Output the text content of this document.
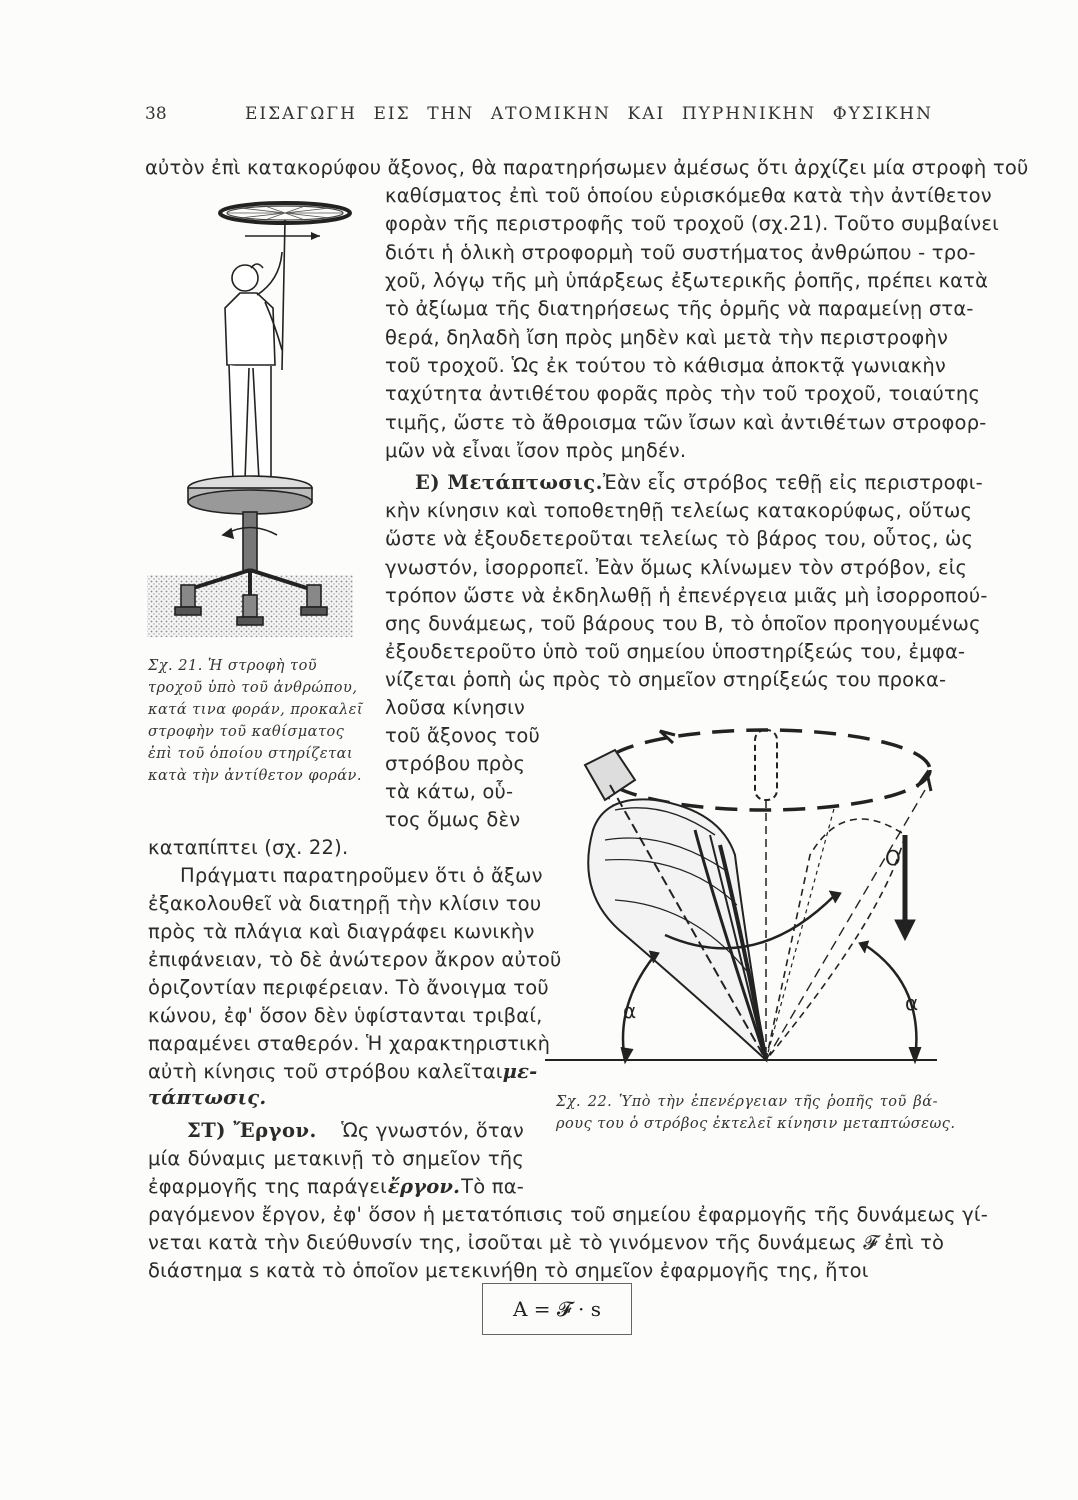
38	ΕΙΣΑΓΩΓΗ ΕΙΣ ΤΗΝ ΑΤΟΜΙΚΗΝ ΚΑΙ ΠΥΡΗΝΙΚΗΝ ΦΥΣΙΚΗΝ
αὐτὸν ἐπὶ κατακορύφου ἄξονος, θὰ παρατηρήσωμεν ἀμέσως ὅτι ἀρχίζει μία στροφὴ τοῦ
καθίσματος ἐπὶ τοῦ ὁποίου εὑρισκόμεθα κατὰ τὴν ἀντίθετον
φορὰν τῆς περιστροφῆς τοῦ τροχοῦ (σχ.21). Τοῦτο συμβαίνει
διότι ἡ ὁλικὴ στροφορμὴ τοῦ συστήματος ἀνθρώπου - τρο-
χοῦ, λόγῳ τῆς μὴ ὑπάρξεως ἐξωτερικῆς ῥοπῆς, πρέπει κατὰ
τὸ ἀξίωμα τῆς διατηρήσεως τῆς ὁρμῆς νὰ παραμείνῃ στα-
θερά, δηλαδὴ ἴση πρὸς μηδὲν καὶ μετὰ τὴν περιστροφὴν
τοῦ τροχοῦ. Ὡς ἐκ τούτου τὸ κάθισμα ἀποκτᾷ γωνιακὴν
ταχύτητα ἀντιθέτου φορᾶς πρὸς τὴν τοῦ τροχοῦ, τοιαύτης
τιμῆς, ὥστε τὸ ἄθροισμα τῶν ἴσων καὶ ἀντιθέτων στροφορ-
μῶν νὰ εἶναι ἴσον πρὸς μηδέν.
Ε) Μετάπτωσις. Ἐὰν εἷς στρόβος τεθῇ εἰς περιστροφι-
κὴν κίνησιν καὶ τοποθετηθῇ τελείως κατακορύφως, οὕτως
ὥστε νὰ ἐξουδετεροῦται τελείως τὸ βάρος του, οὗτος, ὡς
γνωστόν, ἰσορροπεῖ. Ἐὰν ὅμως κλίνωμεν τὸν στρόβον, εἰς
τρόπον ὥστε νὰ ἐκδηλωθῇ ἡ ἐπενέργεια μιᾶς μὴ ἰσορροπού-
σης δυνάμεως, τοῦ βάρους του Β, τὸ ὁποῖον προηγουμένως
ἐξουδετεροῦτο ὑπὸ τοῦ σημείου ὑποστηρίξεώς του, ἐμφα-
νίζεται ῥοπὴ ὡς πρὸς τὸ σημεῖον στηρίξεώς του προκα-
λοῦσα κίνησιν
τοῦ ἄξονος τοῦ
στρόβου πρὸς
τὰ κάτω, οὗ-
τος ὅμως δὲν
καταπίπτει (σχ. 22).
Πράγματι παρατηροῦμεν ὅτι ὁ ἄξων
ἐξακολουθεῖ νὰ διατηρῇ τὴν κλίσιν του
πρὸς τὰ πλάγια καὶ διαγράφει κωνικὴν
ἐπιφάνειαν, τὸ δὲ ἀνώτερον ἄκρον αὐτοῦ
ὁριζοντίαν περιφέρειαν. Τὸ ἄνοιγμα τοῦ
κώνου, ἐφ' ὅσον δὲν ὑφίστανται τριβαί,
παραμένει σταθερόν. Ἡ χαρακτηριστικὴ
αὐτὴ κίνησις τοῦ στρόβου καλεῖται με-
τάπτωσις.
ΣΤ) Ἔργον. Ὡς γνωστόν, ὅταν
μία δύναμις μετακινῇ τὸ σημεῖον τῆς
ἐφαρμογῆς της παράγει ἔργον. Τὸ πα-
ραγόμενον ἔργον, ἐφ' ὅσον ἡ μετατόπισις τοῦ σημείου ἐφαρμογῆς τῆς δυνάμεως γί-
νεται κατὰ τὴν διεύθυνσίν της, ἰσοῦται μὲ τὸ γινόμενον τῆς δυνάμεως 𝓕 ἐπὶ τὸ
διάστημα s κατὰ τὸ ὁποῖον μετεκινήθη τὸ σημεῖον ἐφαρμογῆς της, ἤτοι
A = 𝓕 · s
Σχ. 21. Ἡ στροφὴ τοῦ
τροχοῦ ὑπὸ τοῦ ἀνθρώπου,
κατά τινα φοράν, προκαλεῖ
στροφὴν τοῦ καθίσματος
ἐπὶ τοῦ ὁποίου στηρίζεται
κατὰ τὴν ἀντίθετον φοράν.
Ο
α	α
Σχ. 22. Ὑπὸ τὴν ἐπενέργειαν τῆς ῥοπῆς τοῦ βά-
ρους του ὁ στρόβος ἐκτελεῖ κίνησιν μεταπτώσεως.
